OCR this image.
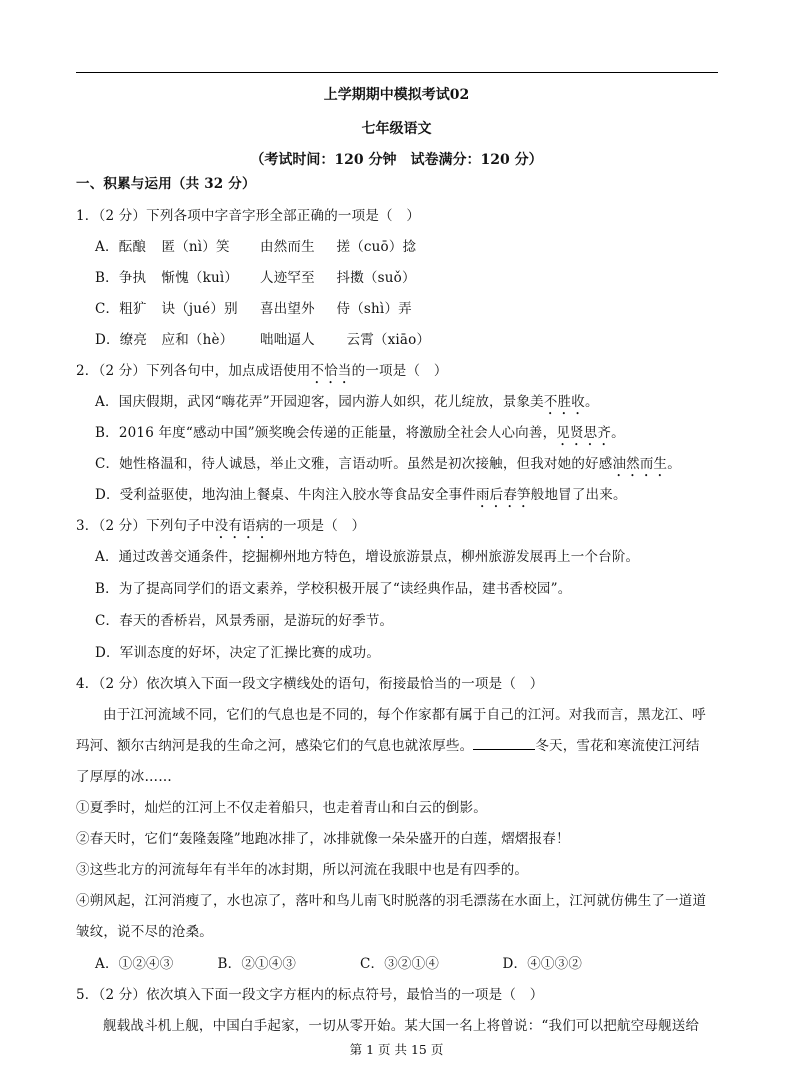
上学期期中模拟考试02
七年级语文
（考试时间：120 分钟　试卷满分：120 分）
一、积累与运用（共 32 分）
1．（2 分）下列各项中字音字形全部正确的一项是（　）
A．酝酿 匿（nì）笑 由然而生 搓（cuō）捻
B．争执 惭愧（kuì） 人迹罕至 抖擞（suǒ）
C．粗犷 诀（jué）别 喜出望外 侍（shì）弄
D．缭亮 应和（hè） 咄咄逼人 云霄（xiāo）
2．（2 分）下列各句中，加点成语使用不恰当的一项是（　）
A．国庆假期，武冈“嗨花弄”开园迎客，园内游人如织，花儿绽放，景象美不胜收。
B．2016 年度“感动中国”颁奖晚会传递的正能量，将激励全社会人心向善，见贤思齐。
C．她性格温和，待人诚恳，举止文雅，言语动听。虽然是初次接触，但我对她的好感油然而生。
D．受利益驱使，地沟油上餐桌、牛肉注入胶水等食品安全事件雨后春笋般地冒了出来。
3．（2 分）下列句子中没有语病的一项是（　）
A．通过改善交通条件，挖掘柳州地方特色，增设旅游景点，柳州旅游发展再上一个台阶。
B．为了提高同学们的语文素养，学校积极开展了“读经典作品，建书香校园”。
C．春天的香桥岩，风景秀丽，是游玩的好季节。
D．军训态度的好坏，决定了汇操比赛的成功。
4．（2 分）依次填入下面一段文字横线处的语句，衔接最恰当的一项是（　）
由于江河流域不同，它们的气息也是不同的，每个作家都有属于自己的江河。对我而言，黑龙江、呼
玛河、额尔古纳河是我的生命之河，感染它们的气息也就浓厚些。	冬天，雪花和寒流使江河结
了厚厚的冰……
①夏季时，灿烂的江河上不仅走着船只，也走着青山和白云的倒影。
②春天时，它们“轰隆轰隆”地跑冰排了，冰排就像一朵朵盛开的白莲，熠熠报春！
③这些北方的河流每年有半年的冰封期，所以河流在我眼中也是有四季的。
④朔风起，江河消瘦了，水也凉了，落叶和鸟儿南飞时脱落的羽毛漂荡在水面上，江河就仿佛生了一道道
皱纹，说不尽的沧桑。
A．①②④③	B．②①④③	C．③②①④	D．④①③②
5．（2 分）依次填入下面一段文字方框内的标点符号，最恰当的一项是（　）
舰载战斗机上舰，中国白手起家，一切从零开始。某大国一名上将曾说：“我们可以把航空母舰送给
第 1 页 共 15 页
